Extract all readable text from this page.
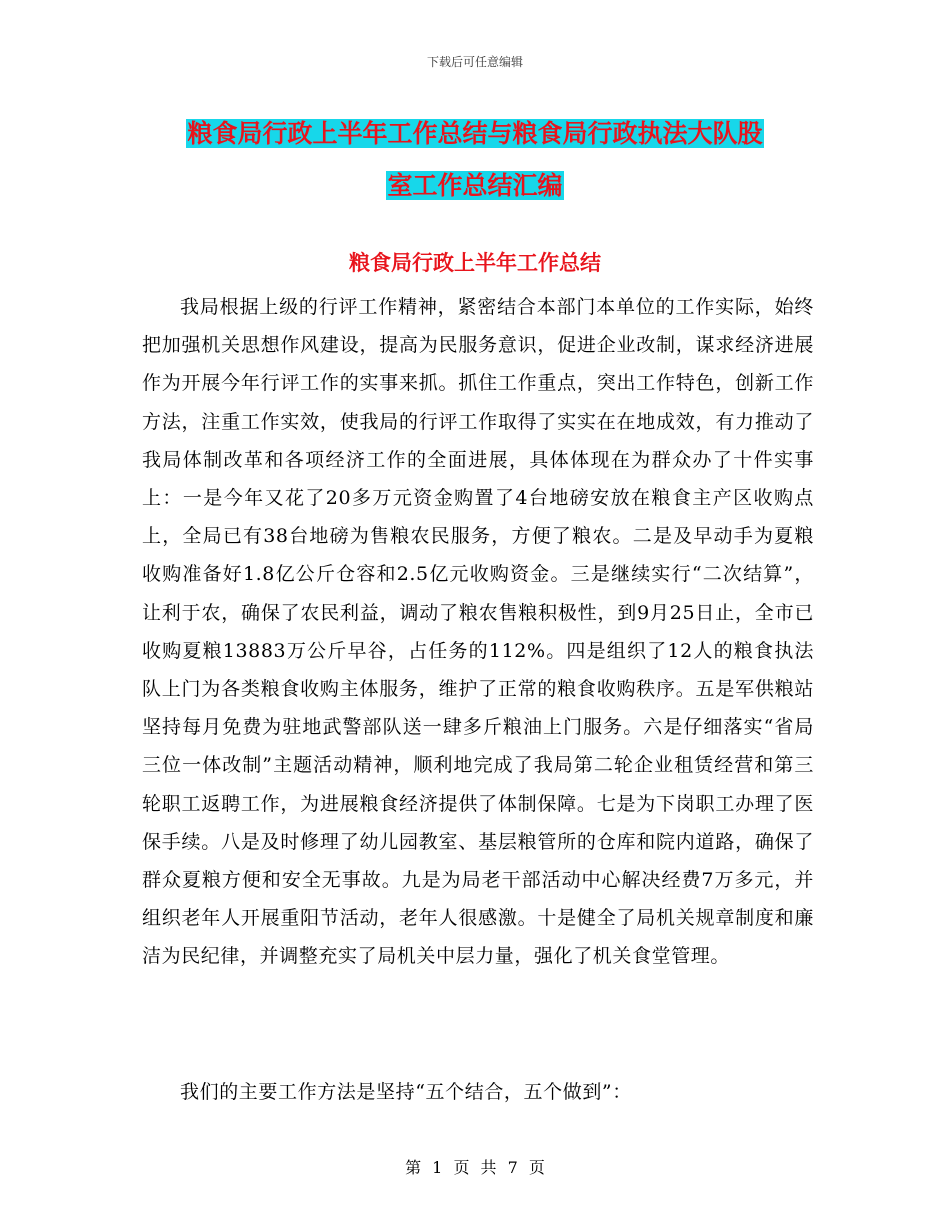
下载后可任意编辑
粮食局行政上半年工作总结与粮食局行政执法大队股
室工作总结汇编
粮食局行政上半年工作总结

我局根据上级的行评工作精神，紧密结合本部门本单位的工作实际，始终把加强机关思想作风建设，提高为民服务意识，促进企业改制，谋求经济进展作为开展今年行评工作的实事来抓。抓住工作重点，突出工作特色，创新工作方法，注重工作实效，使我局的行评工作取得了实实在在地成效，有力推动了我局体制改革和各项经济工作的全面进展，具体体现在为群众办了十件实事上：一是今年又花了20多万元资金购置了4台地磅安放在粮食主产区收购点上，全局已有38台地磅为售粮农民服务，方便了粮农。二是及早动手为夏粮收购准备好1.8亿公斤仓容和2.5亿元收购资金。三是继续实行“二次结算”，让利于农，确保了农民利益，调动了粮农售粮积极性，到9月25日止，全市已收购夏粮13883万公斤早谷，占任务的112%。四是组织了12人的粮食执法队上门为各类粮食收购主体服务，维护了正常的粮食收购秩序。五是军供粮站坚持每月免费为驻地武警部队送一肆多斤粮油上门服务。六是仔细落实“省局三位一体改制”主题活动精神，顺利地完成了我局第二轮企业租赁经营和第三轮职工返聘工作，为进展粮食经济提供了体制保障。七是为下岗职工办理了医保手续。八是及时修理了幼儿园教室、基层粮管所的仓库和院内道路，确保了群众夏粮方便和安全无事故。九是为局老干部活动中心解决经费7万多元，并组织老年人开展重阳节活动，老年人很感激。十是健全了局机关规章制度和廉洁为民纪律，并调整充实了局机关中层力量，强化了机关食堂管理。

我们的主要工作方法是坚持“五个结合，五个做到”：

第 1 页 共 7 页
